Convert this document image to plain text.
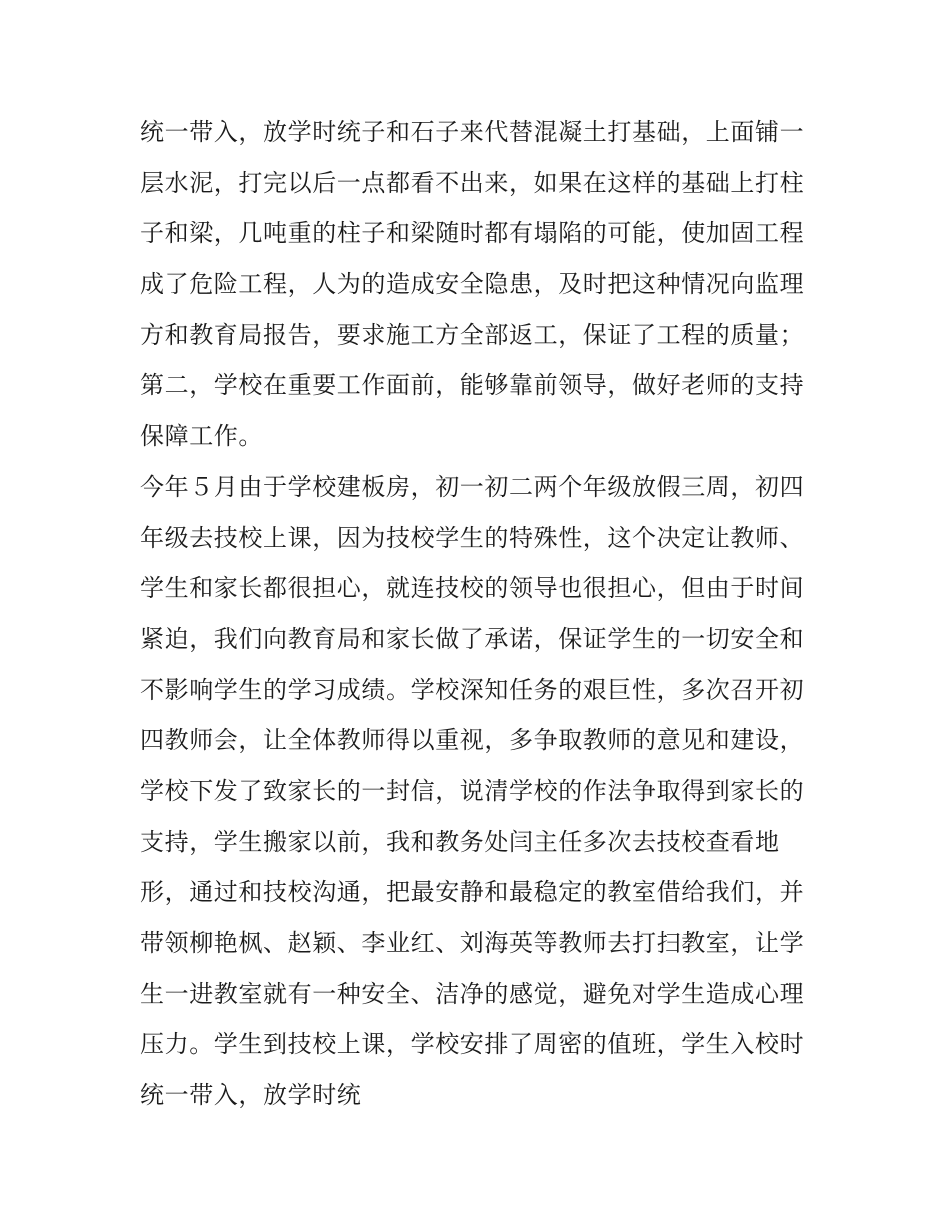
统一带入，放学时统子和石子来代替混凝土打基础，上面铺一
层水泥，打完以后一点都看不出来，如果在这样的基础上打柱
子和梁，几吨重的柱子和梁随时都有塌陷的可能，使加固工程
成了危险工程，人为的造成安全隐患，及时把这种情况向监理
方和教育局报告，要求施工方全部返工，保证了工程的质量；
第二，学校在重要工作面前，能够靠前领导，做好老师的支持
保障工作。
今年５月由于学校建板房，初一初二两个年级放假三周，初四
年级去技校上课，因为技校学生的特殊性，这个决定让教师、
学生和家长都很担心，就连技校的领导也很担心，但由于时间
紧迫，我们向教育局和家长做了承诺，保证学生的一切安全和
不影响学生的学习成绩。学校深知任务的艰巨性，多次召开初
四教师会，让全体教师得以重视，多争取教师的意见和建设，
学校下发了致家长的一封信，说清学校的作法争取得到家长的
支持，学生搬家以前，我和教务处闫主任多次去技校查看地
形，通过和技校沟通，把最安静和最稳定的教室借给我们，并
带领柳艳枫、赵颖、李业红、刘海英等教师去打扫教室，让学
生一进教室就有一种安全、洁净的感觉，避免对学生造成心理
压力。学生到技校上课，学校安排了周密的值班，学生入校时
统一带入，放学时统
